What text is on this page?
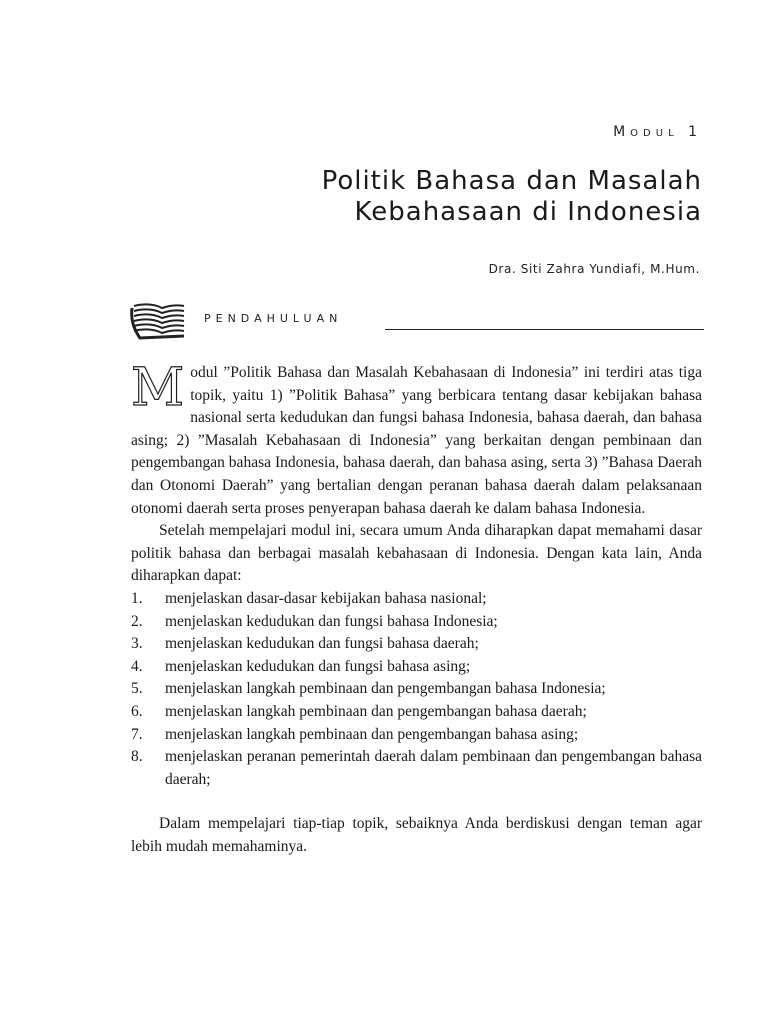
Modul 1
Politik Bahasa dan Masalah
Kebahasaan di Indonesia
Dra. Siti Zahra Yundiafi, M.Hum.
PENDAHULUAN

Modul ”Politik Bahasa dan Masalah Kebahasaan di Indonesia” ini terdiri atas tiga topik, yaitu 1) ”Politik Bahasa” yang berbicara tentang dasar kebijakan bahasa nasional serta kedudukan dan fungsi bahasa Indonesia, bahasa daerah, dan bahasa asing; 2) ”Masalah Kebahasaan di Indonesia” yang berkaitan dengan pembinaan dan pengembangan bahasa Indonesia, bahasa daerah, dan bahasa asing, serta 3) ”Bahasa Daerah dan Otonomi Daerah” yang bertalian dengan peranan bahasa daerah dalam pelaksanaan otonomi daerah serta proses penyerapan bahasa daerah ke dalam bahasa Indonesia.

Setelah mempelajari modul ini, secara umum Anda diharapkan dapat memahami dasar politik bahasa dan berbagai masalah kebahasaan di Indonesia. Dengan kata lain, Anda diharapkan dapat:

1. menjelaskan dasar-dasar kebijakan bahasa nasional;
2. menjelaskan kedudukan dan fungsi bahasa Indonesia;
3. menjelaskan kedudukan dan fungsi bahasa daerah;
4. menjelaskan kedudukan dan fungsi bahasa asing;
5. menjelaskan langkah pembinaan dan pengembangan bahasa Indonesia;
6. menjelaskan langkah pembinaan dan pengembangan bahasa daerah;
7. menjelaskan langkah pembinaan dan pengembangan bahasa asing;
8. menjelaskan peranan pemerintah daerah dalam pembinaan dan pengembangan bahasa daerah;

Dalam mempelajari tiap-tiap topik, sebaiknya Anda berdiskusi dengan teman agar lebih mudah memahaminya.
